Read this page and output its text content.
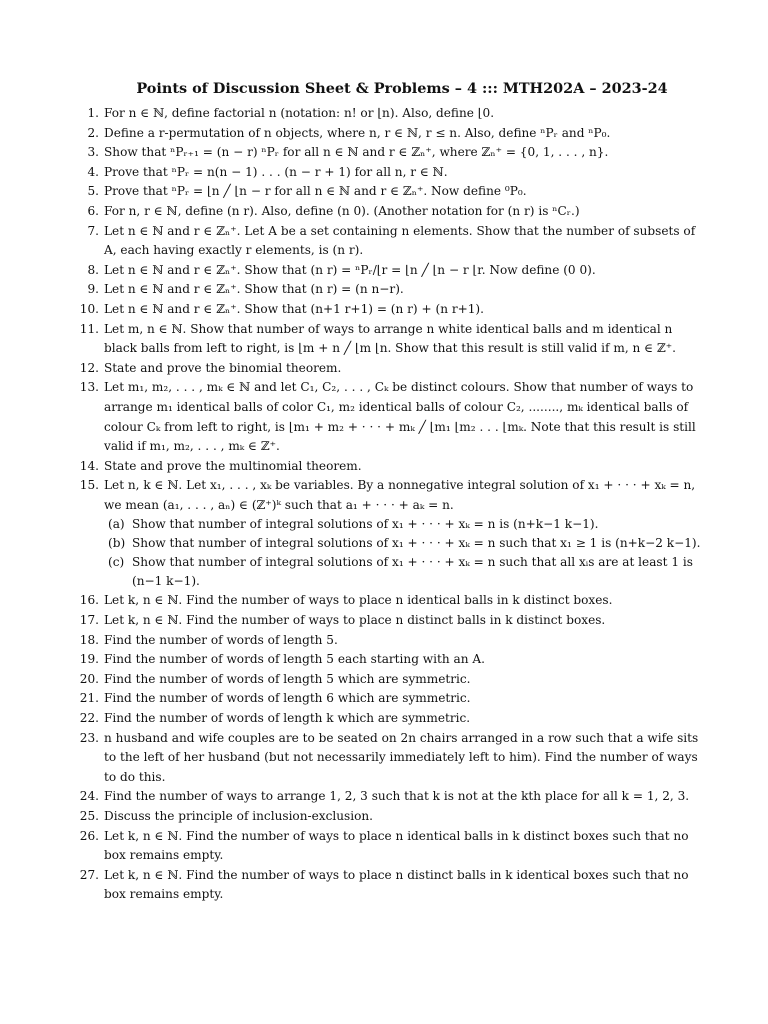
Points of Discussion Sheet & Problems – 4 ::: MTH202A – 2023-24
1. For n ∈ ℕ, define factorial n (notation: n! or ⌊n). Also, define ⌊0.
2. Define a r-permutation of n objects, where n, r ∈ ℕ, r ≤ n. Also, define ⁿPᵣ and ⁿP₀.
3. Show that ⁿPᵣ₊₁ = (n − r) ⁿPᵣ for all n ∈ ℕ and r ∈ ℤₙ⁺, where ℤₙ⁺ = {0, 1, . . . , n}.
4. Prove that ⁿPᵣ = n(n − 1) . . . (n − r + 1) for all n, r ∈ ℕ.
5. Prove that ⁿPᵣ = ⌊n ╱ ⌊n − r for all n ∈ ℕ and r ∈ ℤₙ⁺. Now define ⁰P₀.
6. For n, r ∈ ℕ, define (n r). Also, define (n 0). (Another notation for (n r) is ⁿCᵣ.)
7. Let n ∈ ℕ and r ∈ ℤₙ⁺. Let A be a set containing n elements. Show that the number of subsets of A, each having exactly r elements, is (n r).
8. Let n ∈ ℕ and r ∈ ℤₙ⁺. Show that (n r) = ⁿPᵣ/⌊r = ⌊n ╱ ⌊n − r ⌊r. Now define (0 0).
9. Let n ∈ ℕ and r ∈ ℤₙ⁺. Show that (n r) = (n n−r).
10. Let n ∈ ℕ and r ∈ ℤₙ⁺. Show that (n+1 r+1) = (n r) + (n r+1).
11. Let m, n ∈ ℕ. Show that number of ways to arrange n white identical balls and m identical n black balls from left to right, is ⌊m + n ╱ ⌊m ⌊n. Show that this result is still valid if m, n ∈ ℤ⁺.
12. State and prove the binomial theorem.
13. Let m₁, m₂, . . . , mₖ ∈ ℕ and let C₁, C₂, . . . , Cₖ be distinct colours. Show that number of ways to arrange m₁ identical balls of color C₁, m₂ identical balls of colour C₂, ........, mₖ identical balls of colour Cₖ from left to right, is ⌊m₁ + m₂ + · · · + mₖ ╱ ⌊m₁ ⌊m₂ . . . ⌊mₖ. Note that this result is still valid if m₁, m₂, . . . , mₖ ∈ ℤ⁺.
14. State and prove the multinomial theorem.
15. Let n, k ∈ ℕ. Let x₁, . . . , xₖ be variables. By a nonnegative integral solution of x₁ + · · · + xₖ = n, we mean (a₁, . . . , aₙ) ∈ (ℤ⁺)ᵏ such that a₁ + · · · + aₖ = n.
(a) Show that number of integral solutions of x₁ + · · · + xₖ = n is (n+k−1 k−1).
(b) Show that number of integral solutions of x₁ + · · · + xₖ = n such that x₁ ≥ 1 is (n+k−2 k−1).
(c) Show that number of integral solutions of x₁ + · · · + xₖ = n such that all xᵢs are at least 1 is (n−1 k−1).
16. Let k, n ∈ ℕ. Find the number of ways to place n identical balls in k distinct boxes.
17. Let k, n ∈ ℕ. Find the number of ways to place n distinct balls in k distinct boxes.
18. Find the number of words of length 5.
19. Find the number of words of length 5 each starting with an A.
20. Find the number of words of length 5 which are symmetric.
21. Find the number of words of length 6 which are symmetric.
22. Find the number of words of length k which are symmetric.
23. n husband and wife couples are to be seated on 2n chairs arranged in a row such that a wife sits to the left of her husband (but not necessarily immediately left to him). Find the number of ways to do this.
24. Find the number of ways to arrange 1, 2, 3 such that k is not at the kth place for all k = 1, 2, 3.
25. Discuss the principle of inclusion-exclusion.
26. Let k, n ∈ ℕ. Find the number of ways to place n identical balls in k distinct boxes such that no box remains empty.
27. Let k, n ∈ ℕ. Find the number of ways to place n distinct balls in k identical boxes such that no box remains empty.
